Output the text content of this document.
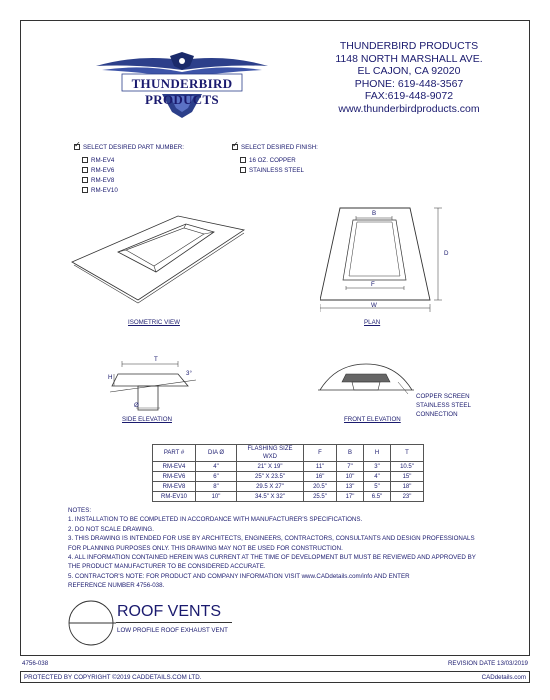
THUNDERBIRD PRODUCTS
THUNDERBIRD PRODUCTS
1148 NORTH MARSHALL AVE.
EL CAJON, CA 92020
PHONE: 619-448-3567
FAX:619-448-9072
www.thunderbirdproducts.com
✓
SELECT DESIRED PART NUMBER:
RM-EV4
RM-EV6
RM-EV8
RM-EV10
✓
SELECT DESIRED FINISH:
16 OZ. COPPER
STAINLESS STEEL
ISOMETRIC VIEW
B
F
W
D
PLAN
T
H
Ø
3°
SIDE ELEVATION	FRONT ELEVATION
COPPER SCREEN
STAINLESS STEEL
CONNECTION
PART #	DIA Ø	FLASHING SIZE WXD	F	B	H	T
RM-EV4	4"	21" X 19"	11"	7"	3"	10.5"
RM-EV6	6"	25" X 23.5"	16"	10"	4"	15"
RM-EV8	8"	29.5 X 27"	20.5"	13"	5"	18"
RM-EV10	10"	34.5" X 32"	25.5"	17"	6.5"	23"
NOTES:
1. INSTALLATION TO BE COMPLETED IN ACCORDANCE WITH MANUFACTURER'S SPECIFICATIONS.
2. DO NOT SCALE DRAWING.
3. THIS DRAWING IS INTENDED FOR USE BY ARCHITECTS, ENGINEERS, CONTRACTORS, CONSULTANTS AND DESIGN PROFESSIONALS
FOR PLANNING PURPOSES ONLY. THIS DRAWING MAY NOT BE USED FOR CONSTRUCTION.
4. ALL INFORMATION CONTAINED HEREIN WAS CURRENT AT THE TIME OF DEVELOPMENT BUT MUST BE REVIEWED AND APPROVED BY
THE PRODUCT MANUFACTURER TO BE CONSIDERED ACCURATE.
5. CONTRACTOR'S NOTE: FOR PRODUCT AND COMPANY INFORMATION VISIT www.CADdetails.com/info AND ENTER
REFERENCE NUMBER 4756-038.
ROOF VENTS
LOW PROFILE ROOF EXHAUST VENT
4756-038	REVISION DATE 13/03/2019
PROTECTED BY COPYRIGHT ©2019 CADDETAILS.COM LTD.	CADdetails.com
